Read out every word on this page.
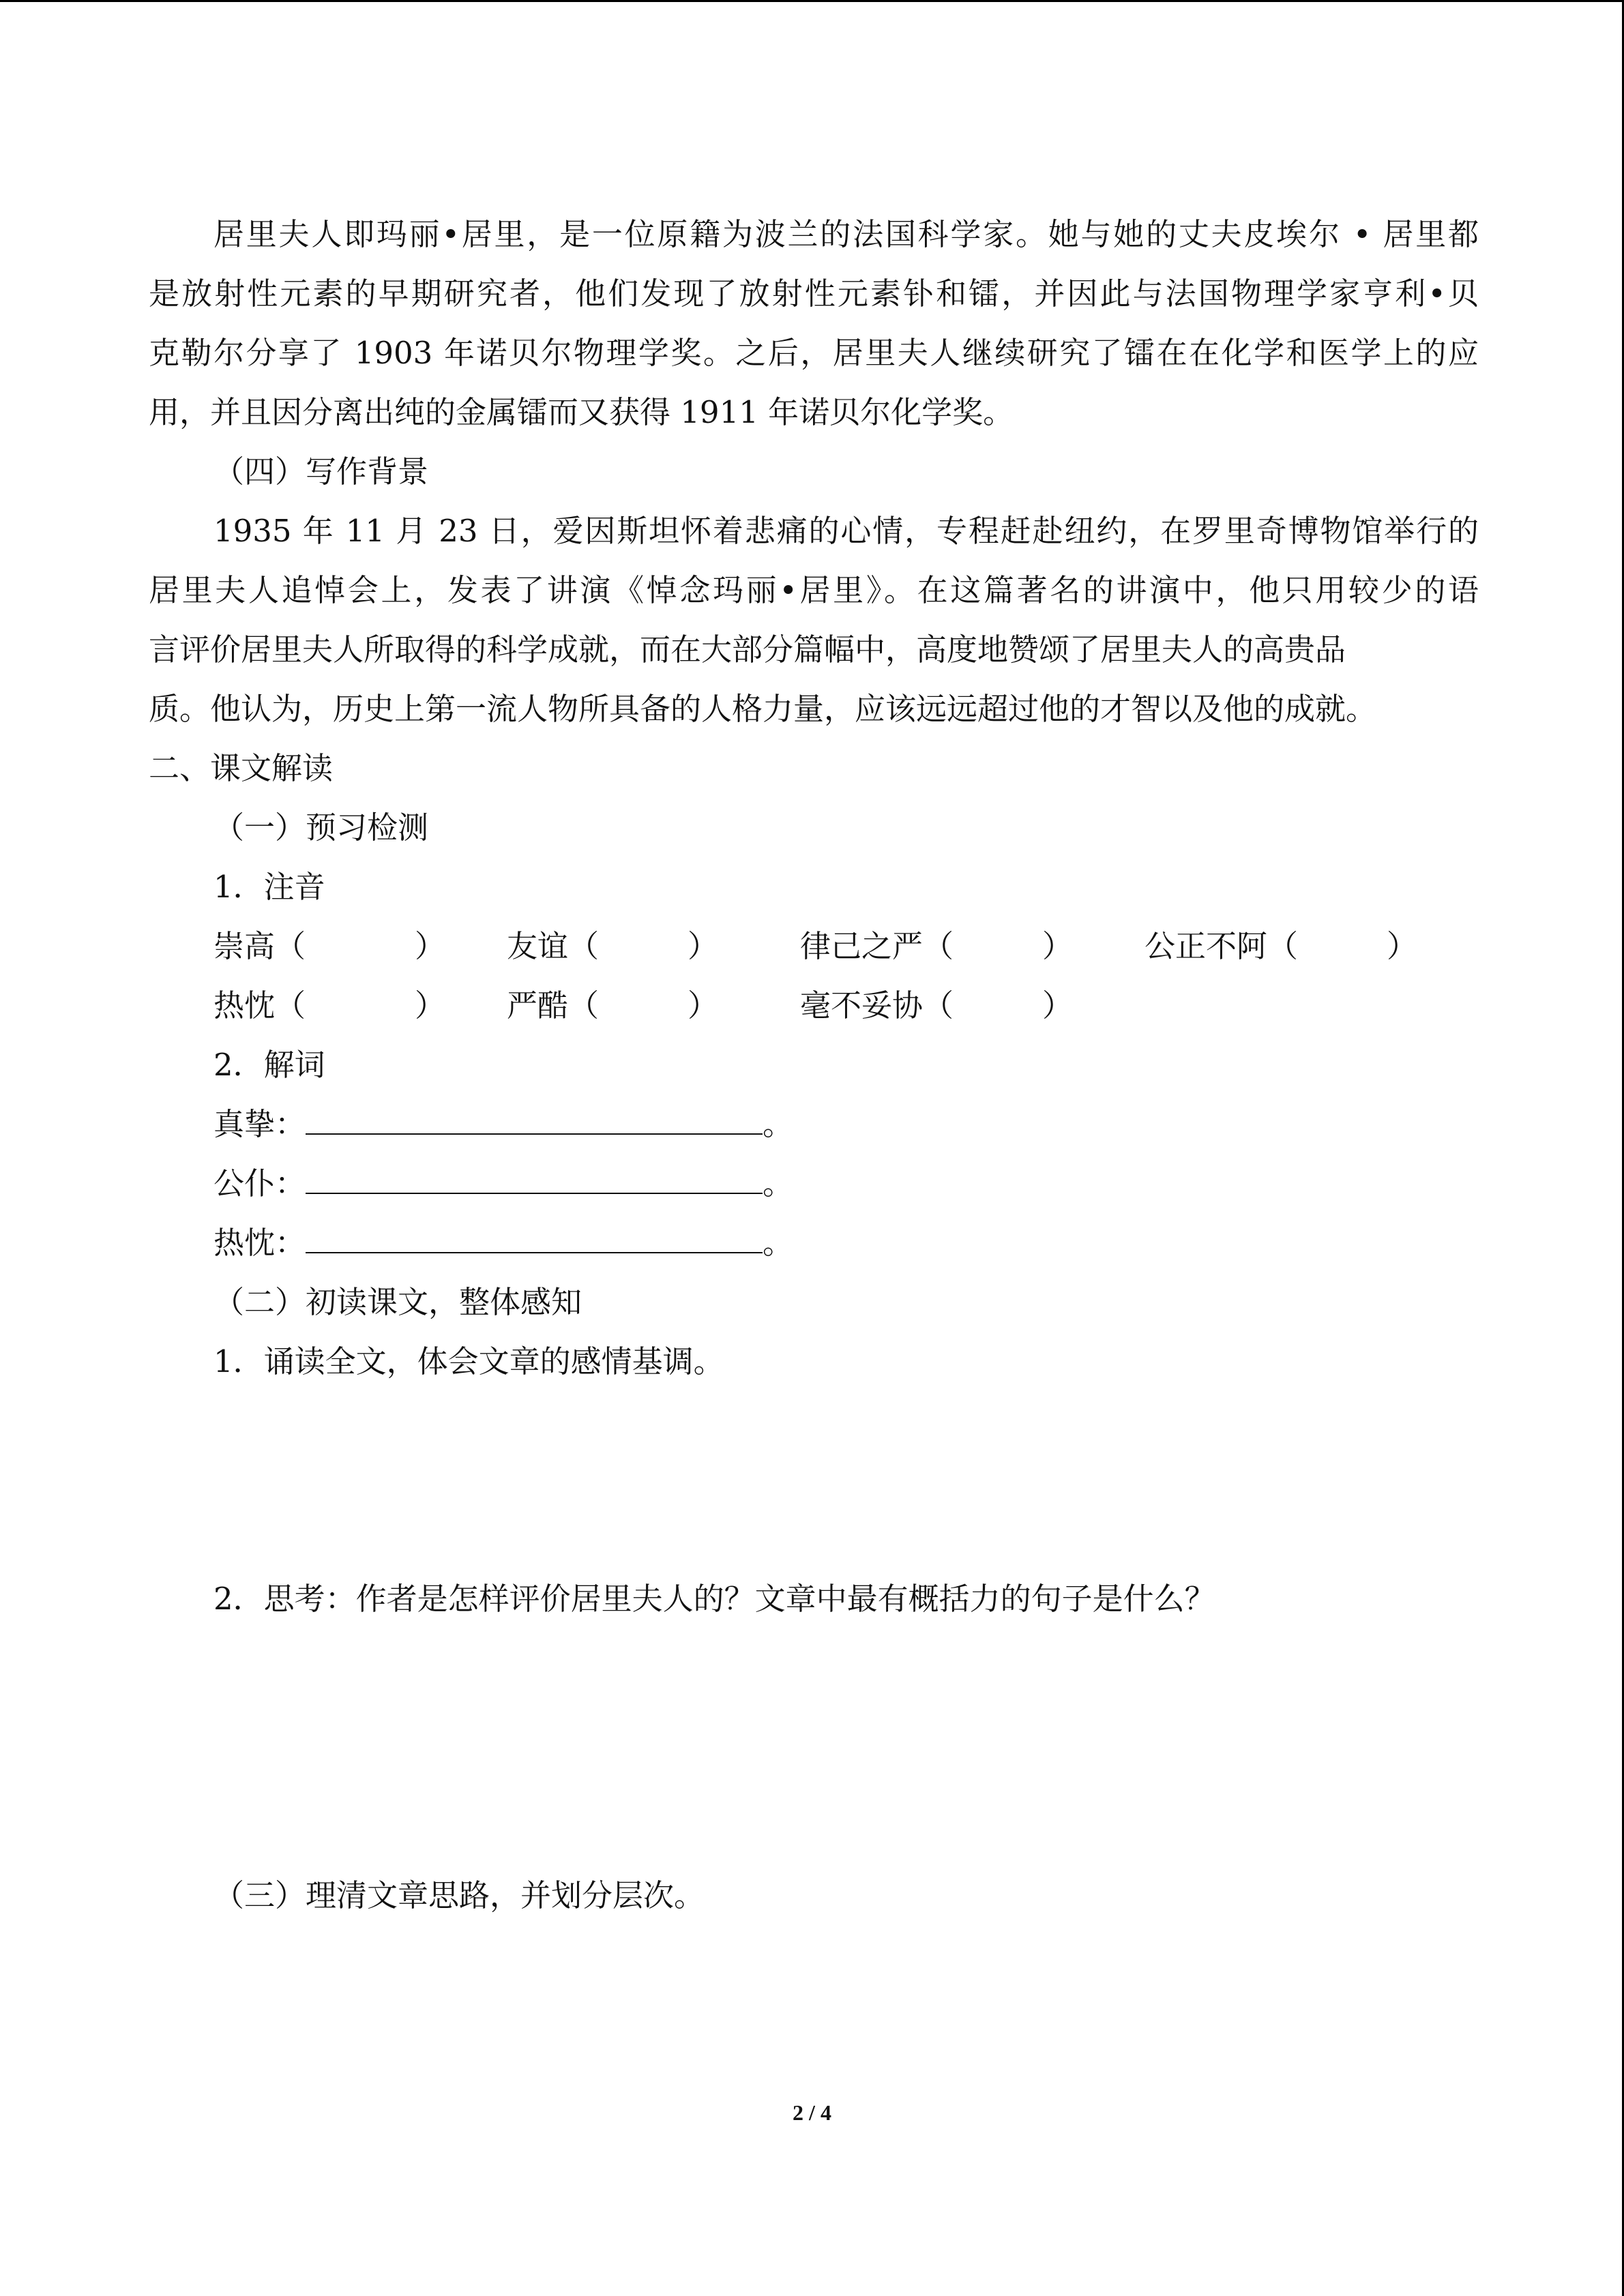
居里夫人即玛丽•居里，是一位原籍为波兰的法国科学家。她与她的丈夫皮埃尔 • 居里都
是放射性元素的早期研究者，他们发现了放射性元素钋和镭，并因此与法国物理学家亨利•贝
克勒尔分享了 1903 年诺贝尔物理学奖。之后，居里夫人继续研究了镭在在化学和医学上的应
用，并且因分离出纯的金属镭而又获得 1911 年诺贝尔化学奖。
（四）写作背景
1935 年 11 月 23 日，爱因斯坦怀着悲痛的心情，专程赶赴纽约，在罗里奇博物馆举行的
居里夫人追悼会上，发表了讲演《悼念玛丽•居里》。在这篇著名的讲演中，他只用较少的语
言评价居里夫人所取得的科学成就，而在大部分篇幅中，高度地赞颂了居里夫人的高贵品
质。他认为，历史上第一流人物所具备的人格力量，应该远远超过他的才智以及他的成就。
二、课文解读
（一）预习检测
1．注音
崇高（	）	友谊（	）	律己之严（	）	公正不阿（	）
热忱（	）	严酷（	）	毫不妥协（	）
2．解词
真挚：	。
公仆：	。
热忱：	。
（二）初读课文，整体感知
1．诵读全文，体会文章的感情基调。
2．思考：作者是怎样评价居里夫人的？文章中最有概括力的句子是什么？
（三）理清文章思路，并划分层次。
2 / 4
